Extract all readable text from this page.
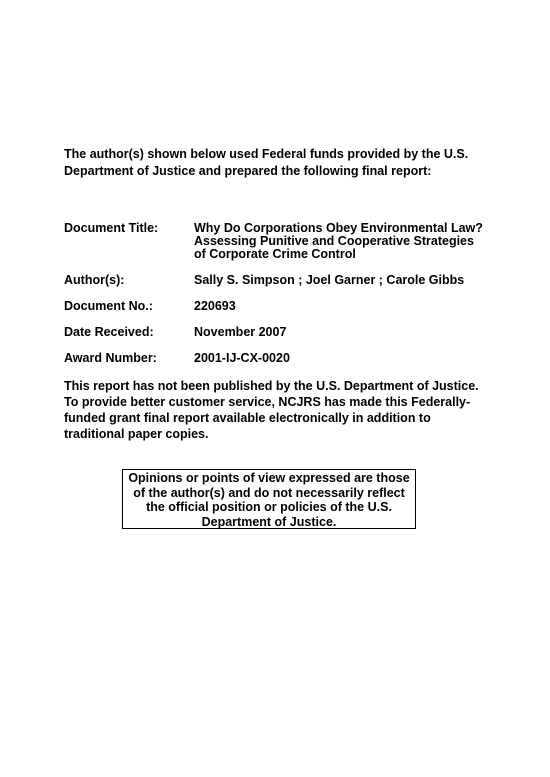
The author(s) shown below used Federal funds provided by the U.S.
Department of Justice and prepared the following final report:
Document Title:	Why Do Corporations Obey Environmental Law?
Assessing Punitive and Cooperative Strategies
of Corporate Crime Control
Author(s):	Sally S. Simpson ; Joel Garner ; Carole Gibbs
Document No.:	220693
Date Received:	November 2007
Award Number:	2001-IJ-CX-0020
This report has not been published by the U.S. Department of Justice.
To provide better customer service, NCJRS has made this Federally-
funded grant final report available electronically in addition to
traditional paper copies.
Opinions or points of view expressed are those
of the author(s) and do not necessarily reflect
the official position or policies of the U.S.
Department of Justice.
